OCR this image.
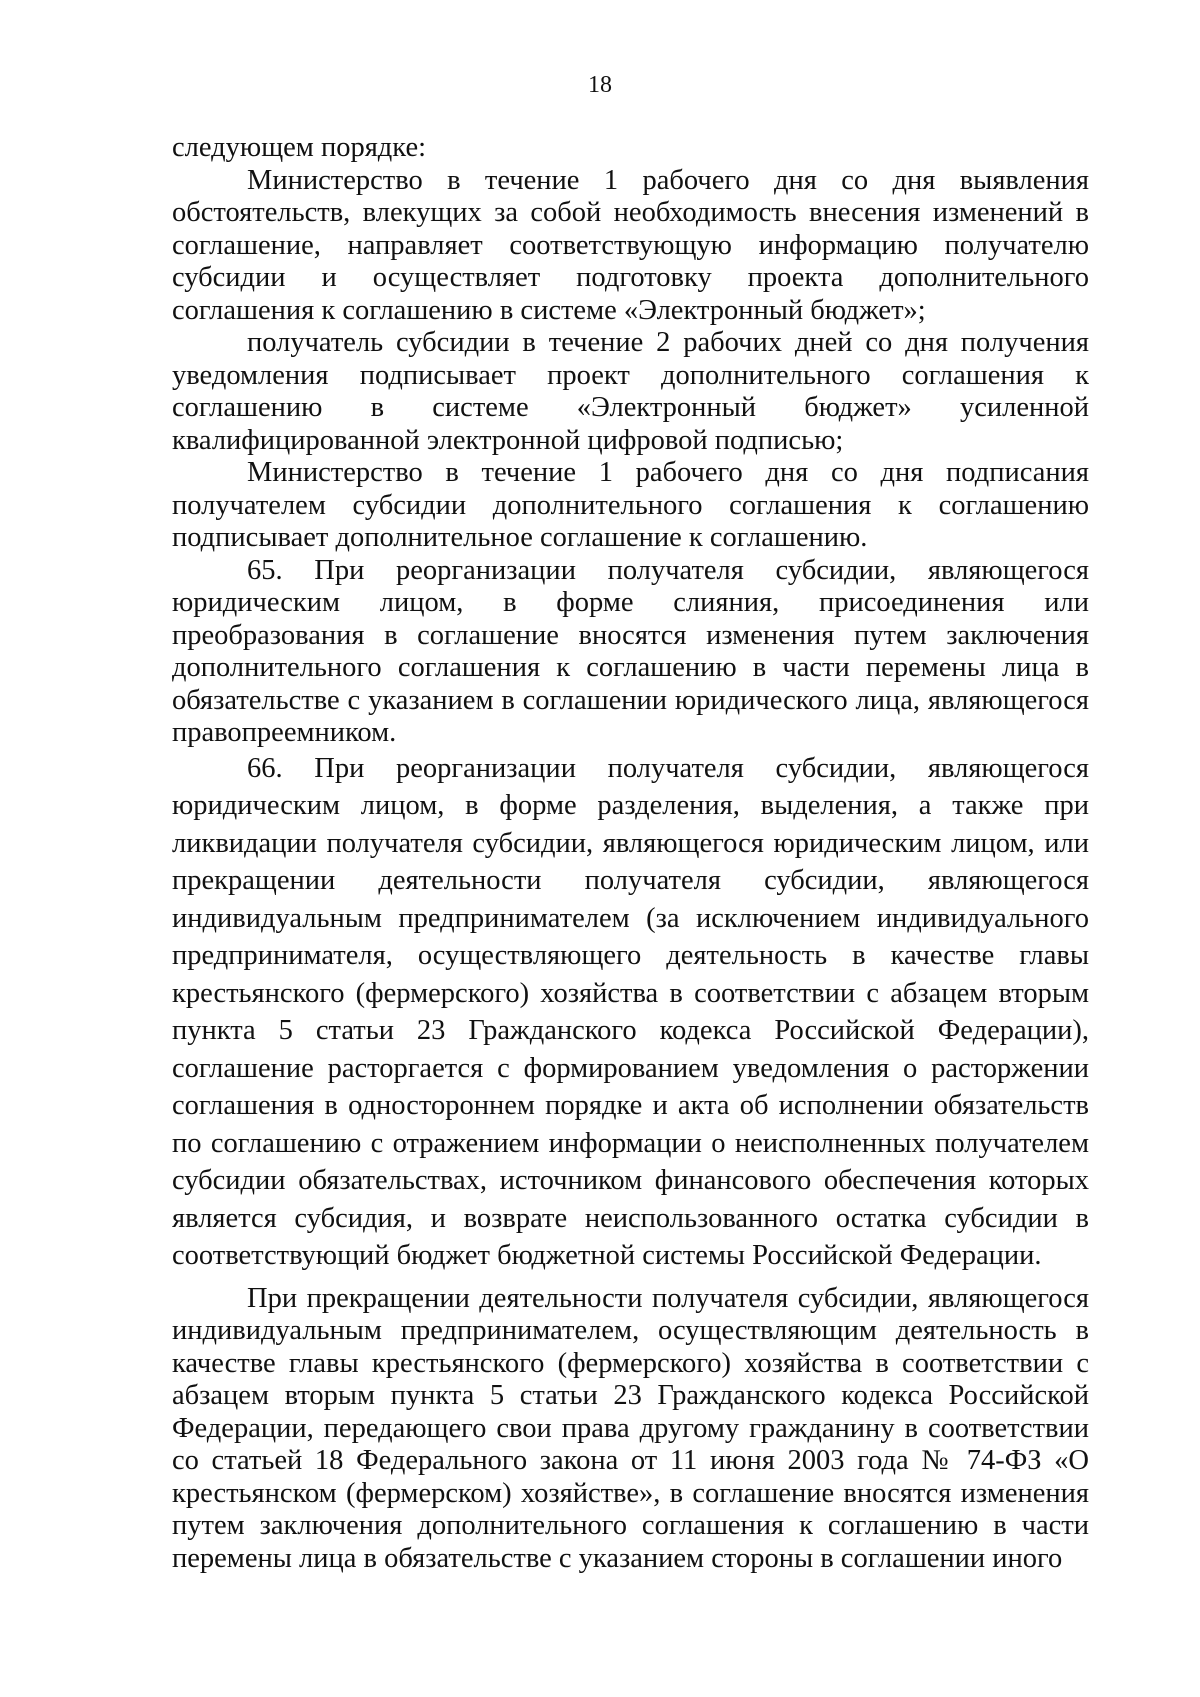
18

следующем порядке:

Министерство в течение 1 рабочего дня со дня выявления обстоятельств, влекущих за собой необходимость внесения изменений в соглашение, направляет соответствующую информацию получателю субсидии и осуществляет подготовку проекта дополнительного соглашения к соглашению в системе «Электронный бюджет»;

получатель субсидии в течение 2 рабочих дней со дня получения уведомления подписывает проект дополнительного соглашения к соглашению в системе «Электронный бюджет» усиленной квалифицированной электронной цифровой подписью;

Министерство в течение 1 рабочего дня со дня подписания получателем субсидии дополнительного соглашения к соглашению подписывает дополнительное соглашение к соглашению.

65. При реорганизации получателя субсидии, являющегося юридическим лицом, в форме слияния, присоединения или преобразования в соглашение вносятся изменения путем заключения дополнительного соглашения к соглашению в части перемены лица в обязательстве с указанием в соглашении юридического лица, являющегося правопреемником.

66. При реорганизации получателя субсидии, являющегося юридическим лицом, в форме разделения, выделения, а также при ликвидации получателя субсидии, являющегося юридическим лицом, или прекращении деятельности получателя субсидии, являющегося индивидуальным предпринимателем (за исключением индивидуального предпринимателя, осуществляющего деятельность в качестве главы крестьянского (фермерского) хозяйства в соответствии с абзацем вторым пункта 5 статьи 23 Гражданского кодекса Российской Федерации), соглашение расторгается с формированием уведомления о расторжении соглашения в одностороннем порядке и акта об исполнении обязательств по соглашению с отражением информации о неисполненных получателем субсидии обязательствах, источником финансового обеспечения которых является субсидия, и возврате неиспользованного остатка субсидии в соответствующий бюджет бюджетной системы Российской Федерации.

При прекращении деятельности получателя субсидии, являющегося индивидуальным предпринимателем, осуществляющим деятельность в качестве главы крестьянского (фермерского) хозяйства в соответствии с абзацем вторым пункта 5 статьи 23 Гражданского кодекса Российской Федерации, передающего свои права другому гражданину в соответствии со статьей 18 Федерального закона от 11 июня 2003 года № 74-ФЗ «О крестьянском (фермерском) хозяйстве», в соглашение вносятся изменения путем заключения дополнительного соглашения к соглашению в части перемены лица в обязательстве с указанием стороны в соглашении иного
